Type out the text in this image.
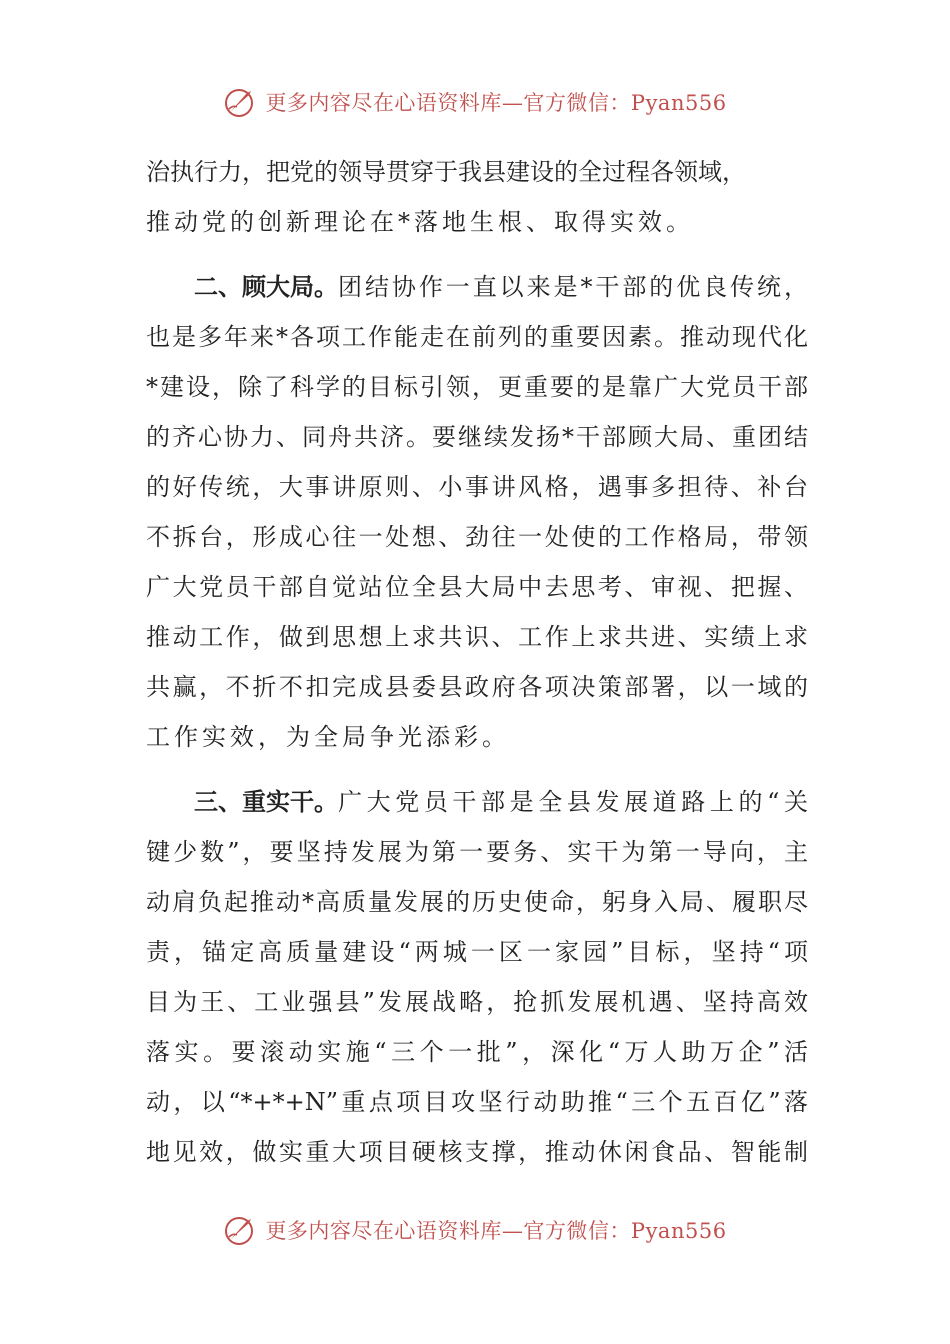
更多内容尽在心语资料库—官方微信：Pyan556
治执行力，把党的领导贯穿于我县建设的全过程各领域，
推动党的创新理论在*落地生根、取得实效。
二、顾大局。 团结协作一直以来是*干部的优良传统，
也是多年来*各项工作能走在前列的重要因素。推动现代化
*建设，除了科学的目标引领，更重要的是靠广大党员干部
的齐心协力、同舟共济。要继续发扬*干部顾大局、重团结
的好传统，大事讲原则、小事讲风格，遇事多担待、补台
不拆台，形成心往一处想、劲往一处使的工作格局，带领
广大党员干部自觉站位全县大局中去思考、审视、把握、
推动工作，做到思想上求共识、工作上求共进、实绩上求
共赢，不折不扣完成县委县政府各项决策部署，以一域的
工作实效，为全局争光添彩。
三、重实干。 广大党员干部是全县发展道路上的“关
键少数”，要坚持发展为第一要务、实干为第一导向，主
动肩负起推动*高质量发展的历史使命，躬身入局、履职尽
责，锚定高质量建设“两城一区一家园”目标，坚持“项
目为王、工业强县”发展战略，抢抓发展机遇、坚持高效
落实。要滚动实施“三个一批”，深化“万人助万企”活
动，以“*+*+N”重点项目攻坚行动助推“三个五百亿”落
地见效，做实重大项目硬核支撑，推动休闲食品、智能制
更多内容尽在心语资料库—官方微信：Pyan556
